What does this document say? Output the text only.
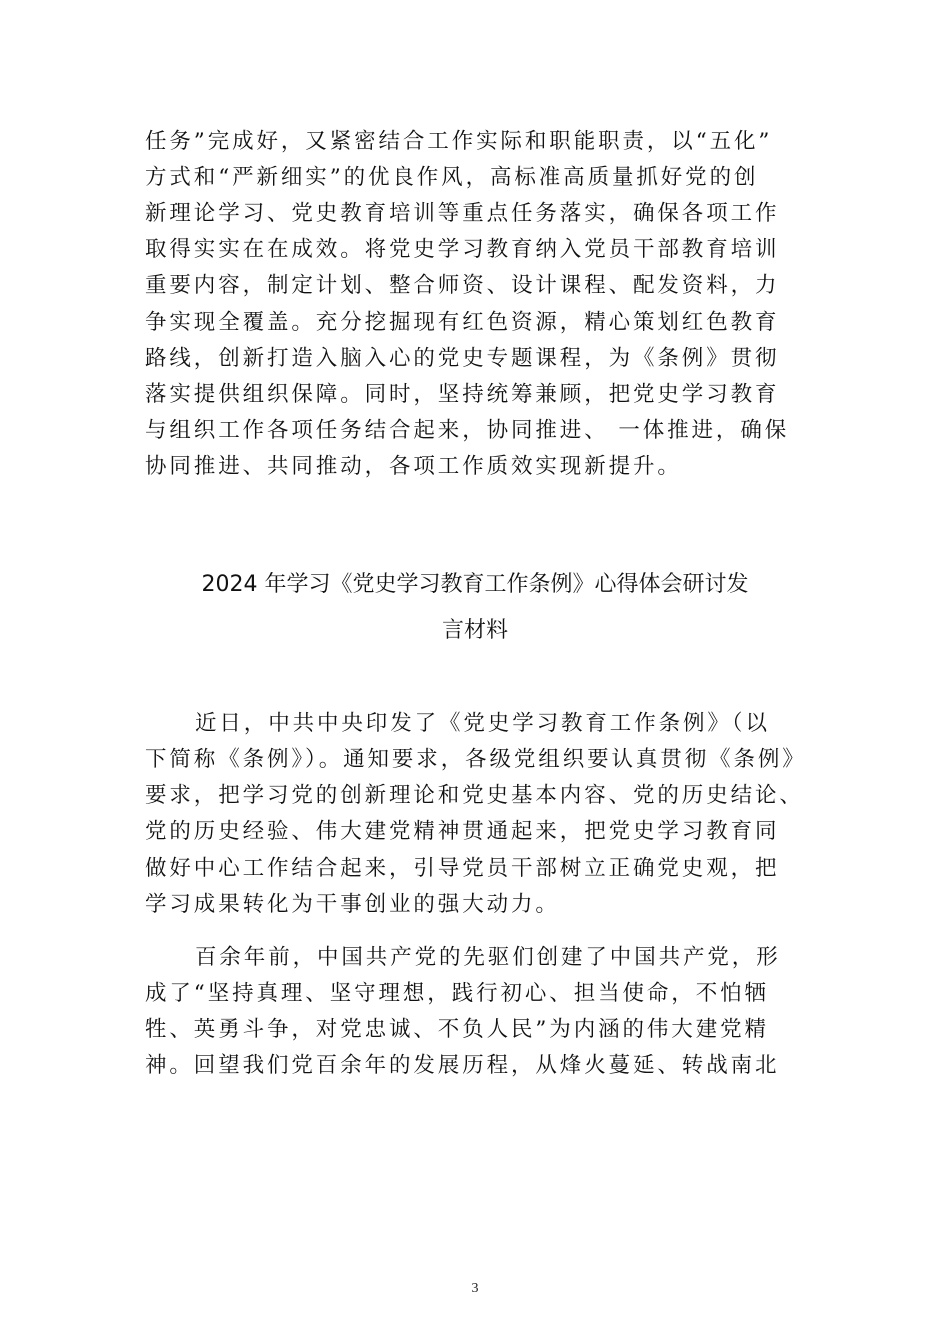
任务”完成好，又紧密结合工作实际和职能职责，以“五化”
方式和“严新细实”的优良作风，高标准高质量抓好党的创
新理论学习、党史教育培训等重点任务落实，确保各项工作
取得实实在在成效。将党史学习教育纳入党员干部教育培训
重要内容，制定计划、整合师资、设计课程、配发资料，力
争实现全覆盖。充分挖掘现有红色资源，精心策划红色教育
路线，创新打造入脑入心的党史专题课程，为《条例》贯彻
落实提供组织保障。同时，坚持统筹兼顾，把党史学习教育
与组织工作各项任务结合起来，协同推进、 一体推进，确保
协同推进、共同推动，各项工作质效实现新提升。
2024 年学习《党史学习教育工作条例》心得体会研讨发
言材料
近日，中共中央印发了《党史学习教育工作条例》（以
下简称《条例》）。通知要求，各级党组织要认真贯彻《条例》
要求，把学习党的创新理论和党史基本内容、党的历史结论、
党的历史经验、伟大建党精神贯通起来，把党史学习教育同
做好中心工作结合起来，引导党员干部树立正确党史观，把
学习成果转化为干事创业的强大动力。
百余年前，中国共产党的先驱们创建了中国共产党，形
成了“坚持真理、坚守理想，践行初心、担当使命，不怕牺
牲、英勇斗争，对党忠诚、不负人民”为内涵的伟大建党精
神。回望我们党百余年的发展历程，从烽火蔓延、转战南北
3
